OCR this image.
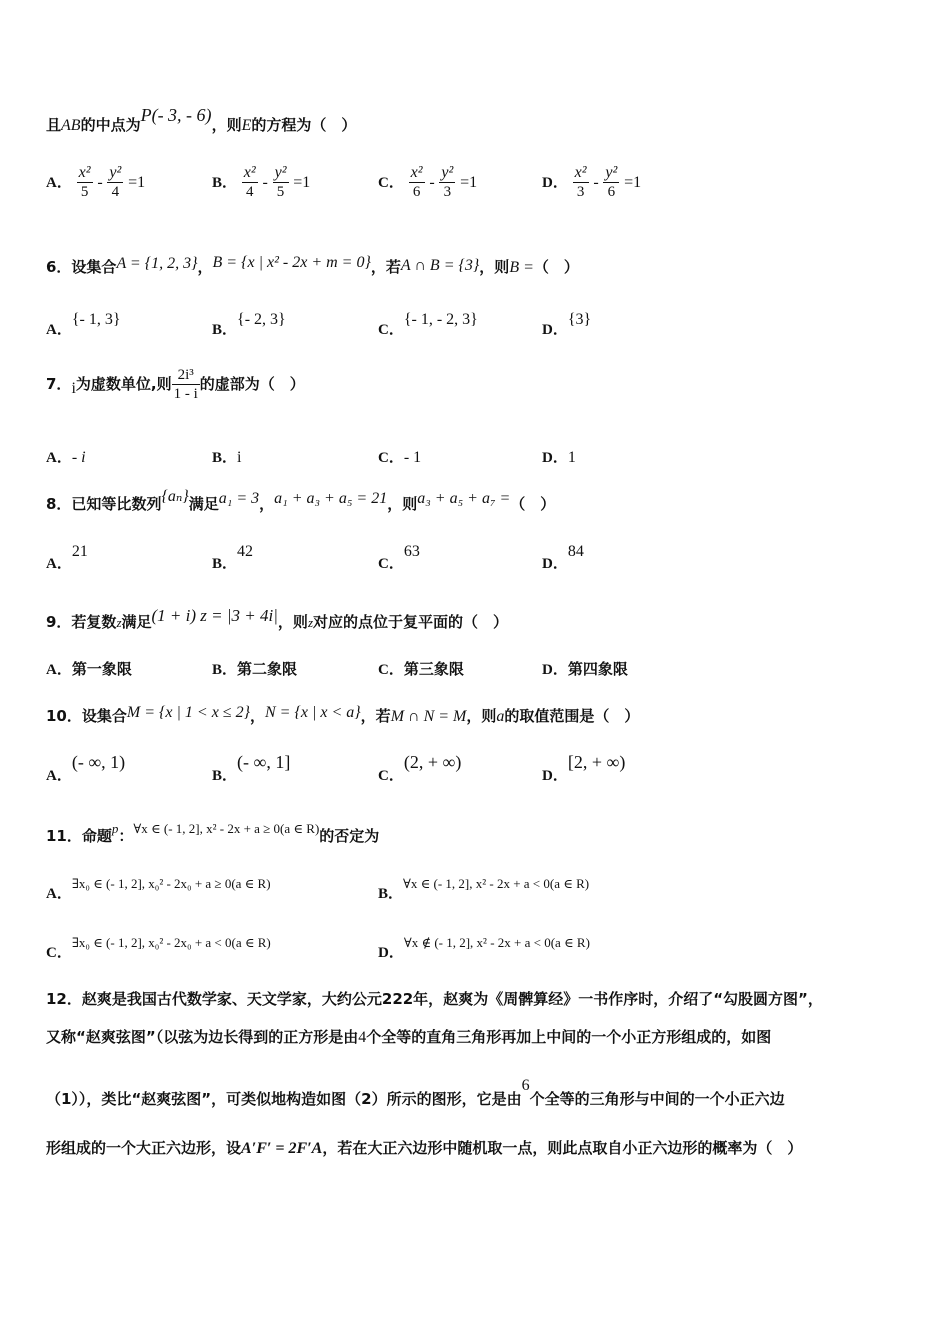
且AB的中点为P(- 3, - 6)，则E的方程为（　）
A． $\frac{\text{x²}}{5} - \frac{\text{y²}}{4} =1$	B． $\frac{\text{x²}}{4} - \frac{\text{y²}}{5} =1$	C． $\frac{\text{x²}}{6} - \frac{\text{y²}}{3} =1$	D． $\frac{\text{x²}}{3} - \frac{\text{y²}}{6} =1$
6．设集合A = {1, 2, 3}，B = {x | x² - 2x + m = 0}，若A ∩ B = {3}，则B =（　）
A．{- 1, 3}
B．{- 2, 3}
C．{- 1, - 2, 3}
D．{3}
7．i为虚数单位,则 $\frac{\text{2i³}}{1 - i}$ 的虚部为（　）
A．- i	B．i	C．- 1	D．1
8．已知等比数列{aₙ}满足a₁ = 3，a₁ + a₃ + a₅ = 21，则a₃ + a₅ + a₇ =（　）
A．21
B．42
C．63
D．84
9．若复数z满足(1 + i) z = |3 + 4i|，则z对应的点位于复平面的（　）
A．第一象限	B．第二象限	C．第三象限	D．第四象限
10．设集合M = {x | 1 < x ≤ 2}，N = {x | x < a}，若M ∩ N = M，则a的取值范围是（　）
A．(- ∞, 1)
B．(- ∞, 1]
C．(2, + ∞)
D．[2, + ∞)
11．命题p：∀x ∈ (- 1, 2], x² - 2x + a ≥ 0(a ∈ R)的否定为
A．∃x₀ ∈ (- 1, 2], x₀² - 2x₀ + a ≥ 0(a ∈ R)
B．∀x ∈ (- 1, 2], x² - 2x + a < 0(a ∈ R)
C．∃x₀ ∈ (- 1, 2], x₀² - 2x₀ + a < 0(a ∈ R)
D．∀x ∉ (- 1, 2], x² - 2x + a < 0(a ∈ R)
12．赵爽是我国古代数学家、天文学家，大约公元222年，赵爽为《周髀算经》一书作序时，介绍了“勾股圆方图”，
又称“赵爽弦图”（以弦为边长得到的正方形是由4个全等的直角三角形再加上中间的一个小正方形组成的，如图
（1）），类比“赵爽弦图”，可类似地构造如图（2）所示的图形，它是由6个全等的三角形与中间的一个小正六边
形组成的一个大正六边形，设A′F′ = 2F′A，若在大正六边形中随机取一点，则此点取自小正六边形的概率为（　）
